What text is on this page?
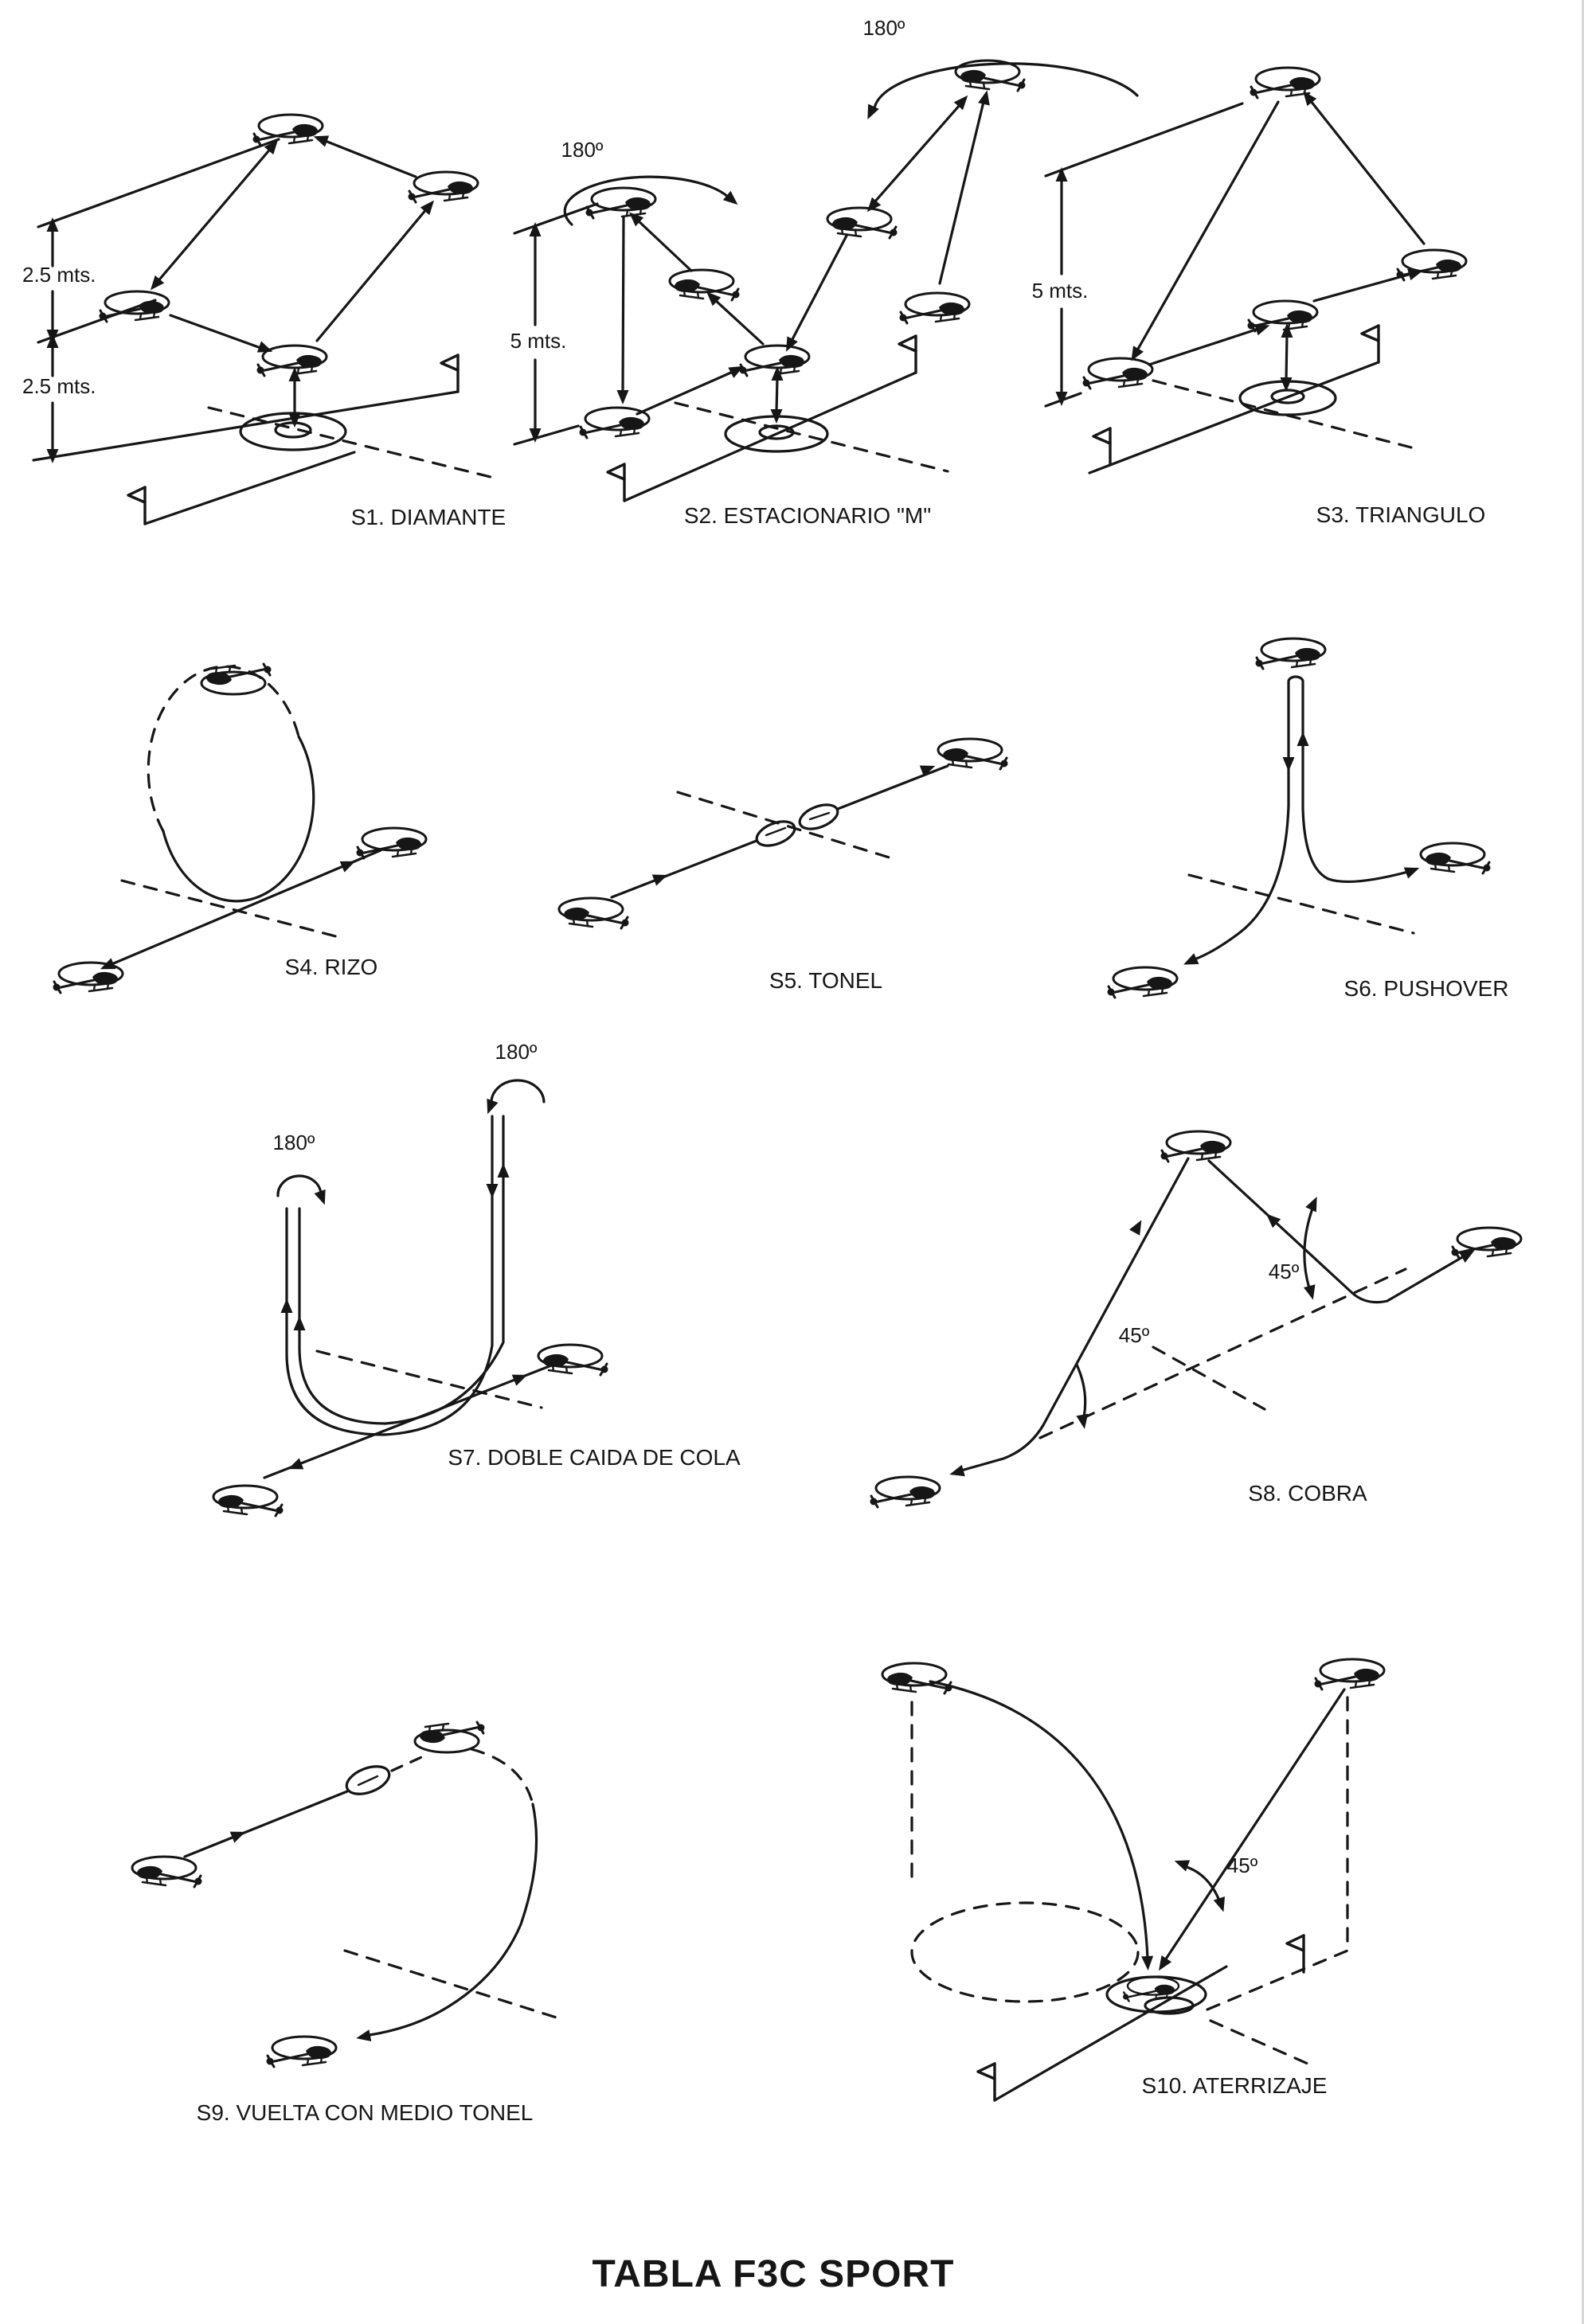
2.5 mts.
2.5 mts.
S1. DIAMANTE
180º
180º
5 mts.
S2. ESTACIONARIO "M"
5 mts.
S3. TRIANGULO
S4. RIZO
S5. TONEL	S6. PUSHOVER
180º
180º
S7. DOBLE CAIDA DE COLA
45º
45º
S8. COBRA
S9. VUELTA CON MEDIO TONEL
45º
S10. ATERRIZAJE
TABLA F3C SPORT
